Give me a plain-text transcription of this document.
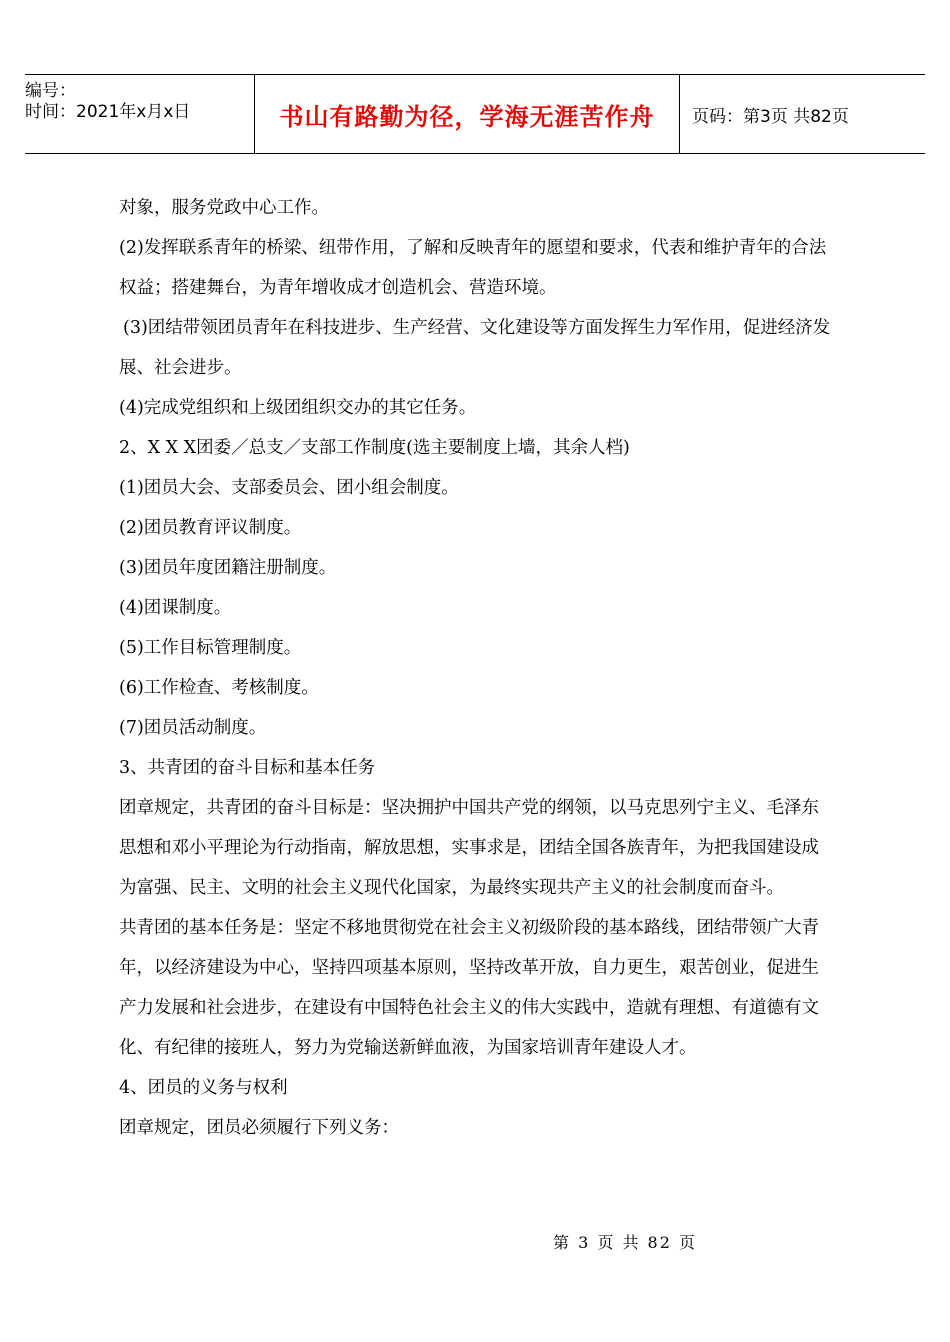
编号：
时间：2021年x月x日	书山有路勤为径，学海无涯苦作舟	页码：第3页 共82页

对象，服务党政中心工作。

(2)发挥联系青年的桥梁、纽带作用，了解和反映青年的愿望和要求，代表和维护青年的合法权益；搭建舞台，为青年增收成才创造机会、营造环境。

(3)团结带领团员青年在科技进步、生产经营、文化建设等方面发挥生力军作用，促进经济发展、社会进步。

(4)完成党组织和上级团组织交办的其它任务。

2、X X X团委／总支／支部工作制度(选主要制度上墙，其余人档)

(1)团员大会、支部委员会、团小组会制度。

(2)团员教育评议制度。

(3)团员年度团籍注册制度。

(4)团课制度。

(5)工作目标管理制度。

(6)工作检查、考核制度。

(7)团员活动制度。

3、共青团的奋斗目标和基本任务

团章规定，共青团的奋斗目标是：坚决拥护中国共产党的纲领，以马克思列宁主义、毛泽东思想和邓小平理论为行动指南，解放思想，实事求是，团结全国各族青年，为把我国建设成为富强、民主、文明的社会主义现代化国家，为最终实现共产主义的社会制度而奋斗。

共青团的基本任务是：坚定不移地贯彻党在社会主义初级阶段的基本路线，团结带领广大青年，以经济建设为中心，坚持四项基本原则，坚持改革开放，自力更生，艰苦创业，促进生产力发展和社会进步，在建设有中国特色社会主义的伟大实践中，造就有理想、有道德有文化、有纪律的接班人，努力为党输送新鲜血液，为国家培训青年建设人才。

4、团员的义务与权利

团章规定，团员必须履行下列义务：

第 3 页 共 82 页
